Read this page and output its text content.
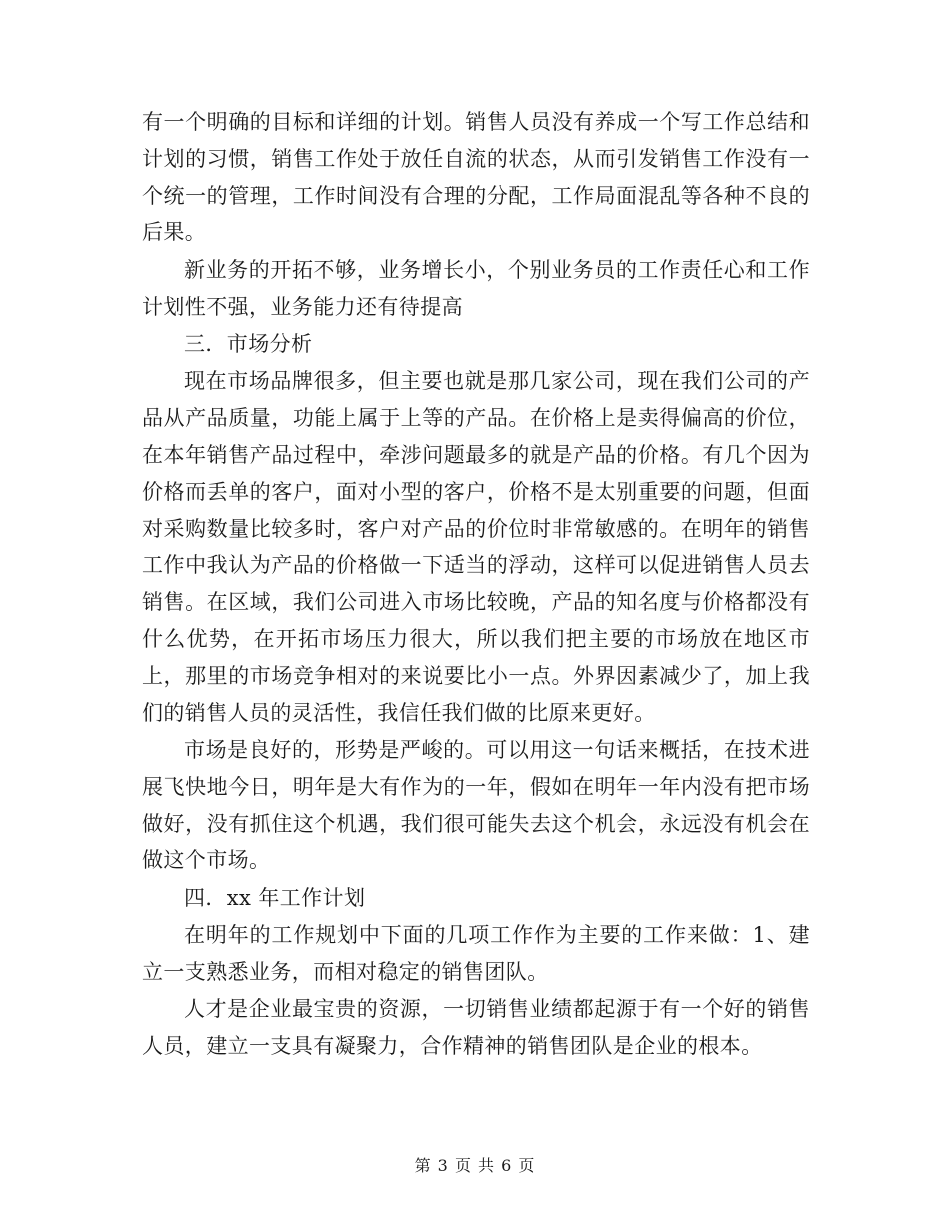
有一个明确的目标和详细的计划。销售人员没有养成一个写工作总结和计划的习惯，销售工作处于放任自流的状态，从而引发销售工作没有一个统一的管理，工作时间没有合理的分配，工作局面混乱等各种不良的后果。

新业务的开拓不够，业务增长小，个别业务员的工作责任心和工作计划性不强，业务能力还有待提高

三．市场分析

现在市场品牌很多，但主要也就是那几家公司，现在我们公司的产品从产品质量，功能上属于上等的产品。在价格上是卖得偏高的价位，在本年销售产品过程中，牵涉问题最多的就是产品的价格。有几个因为价格而丢单的客户，面对小型的客户，价格不是太别重要的问题，但面对采购数量比较多时，客户对产品的价位时非常敏感的。在明年的销售工作中我认为产品的价格做一下适当的浮动，这样可以促进销售人员去销售。在区域，我们公司进入市场比较晚，产品的知名度与价格都没有什么优势，在开拓市场压力很大，所以我们把主要的市场放在地区市上，那里的市场竞争相对的来说要比小一点。外界因素减少了，加上我们的销售人员的灵活性，我信任我们做的比原来更好。

市场是良好的，形势是严峻的。可以用这一句话来概括，在技术进展飞快地今日，明年是大有作为的一年，假如在明年一年内没有把市场做好，没有抓住这个机遇，我们很可能失去这个机会，永远没有机会在做这个市场。

四．xx 年工作计划

在明年的工作规划中下面的几项工作作为主要的工作来做：1、建立一支熟悉业务，而相对稳定的销售团队。

人才是企业最宝贵的资源，一切销售业绩都起源于有一个好的销售人员，建立一支具有凝聚力，合作精神的销售团队是企业的根本。

第 3 页 共 6 页
